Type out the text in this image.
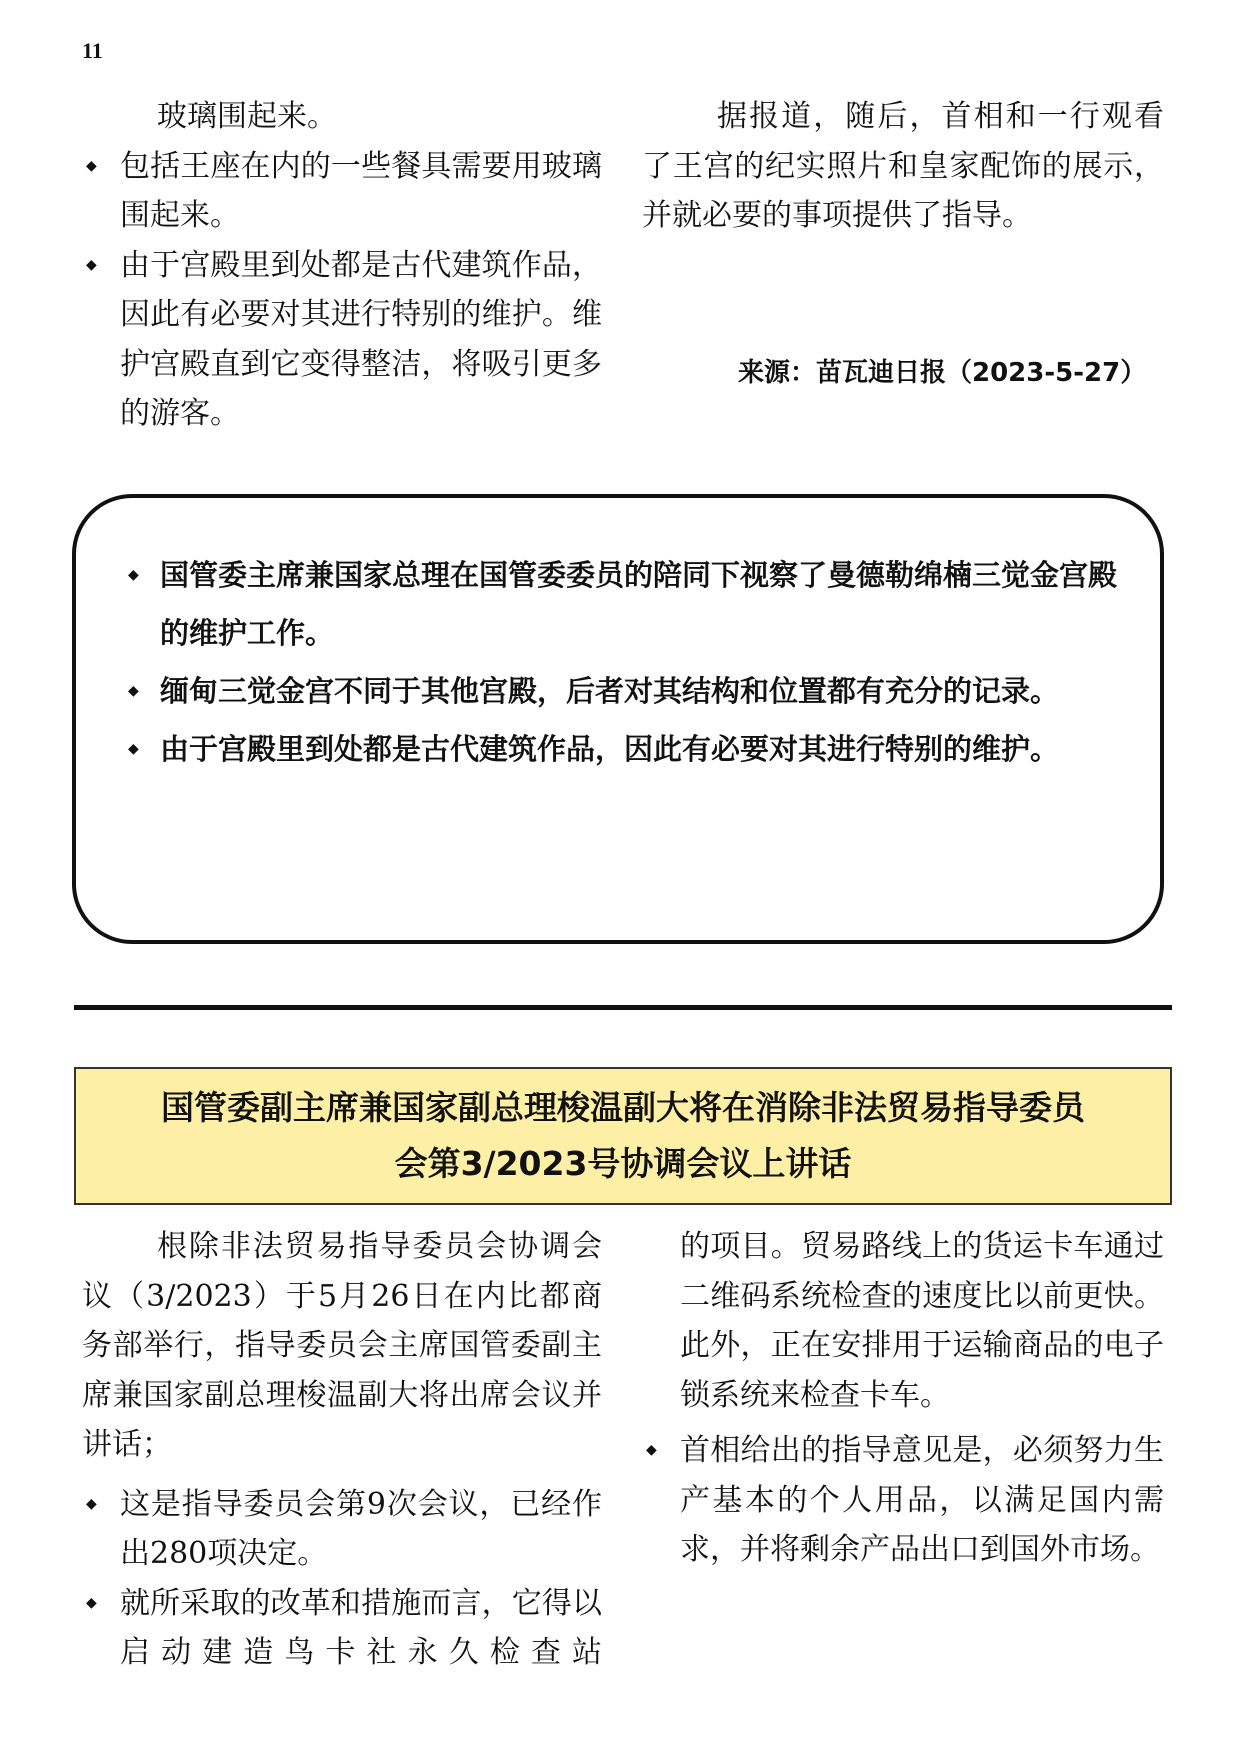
11

玻璃围起来。

◆ 包括王座在内的一些餐具需要用玻璃围起来。
◆ 由于宫殿里到处都是古代建筑作品，因此有必要对其进行特别的维护。维护宫殿直到它变得整洁，将吸引更多的游客。

据报道，随后，首相和一行观看了王宫的纪实照片和皇家配饰的展示，并就必要的事项提供了指导。

来源：苗瓦迪日报（2023-5-27）
◆ 国管委主席兼国家总理在国管委委员的陪同下视察了曼德勒绵楠三觉金宫殿的维护工作。
◆ 缅甸三觉金宫不同于其他宫殿，后者对其结构和位置都有充分的记录。
◆ 由于宫殿里到处都是古代建筑作品，因此有必要对其进行特别的维护。
国管委副主席兼国家副总理梭温副大将在消除非法贸易指导委员
会第3/2023号协调会议上讲话

根除非法贸易指导委员会协调会议（3/2023）于5月26日在内比都商务部举行，指导委员会主席国管委副主席兼国家副总理梭温副大将出席会议并讲话；

◆ 这是指导委员会第9次会议，已经作出280项决定。
◆ 就所采取的改革和措施而言，它得以启动建造鸟卡社永久检查站

的项目。贸易路线上的货运卡车通过二维码系统检查的速度比以前更快。此外，正在安排用于运输商品的电子锁系统来检查卡车。

◆ 首相给出的指导意见是，必须努力生产基本的个人用品，以满足国内需求，并将剩余产品出口到国外市场。
